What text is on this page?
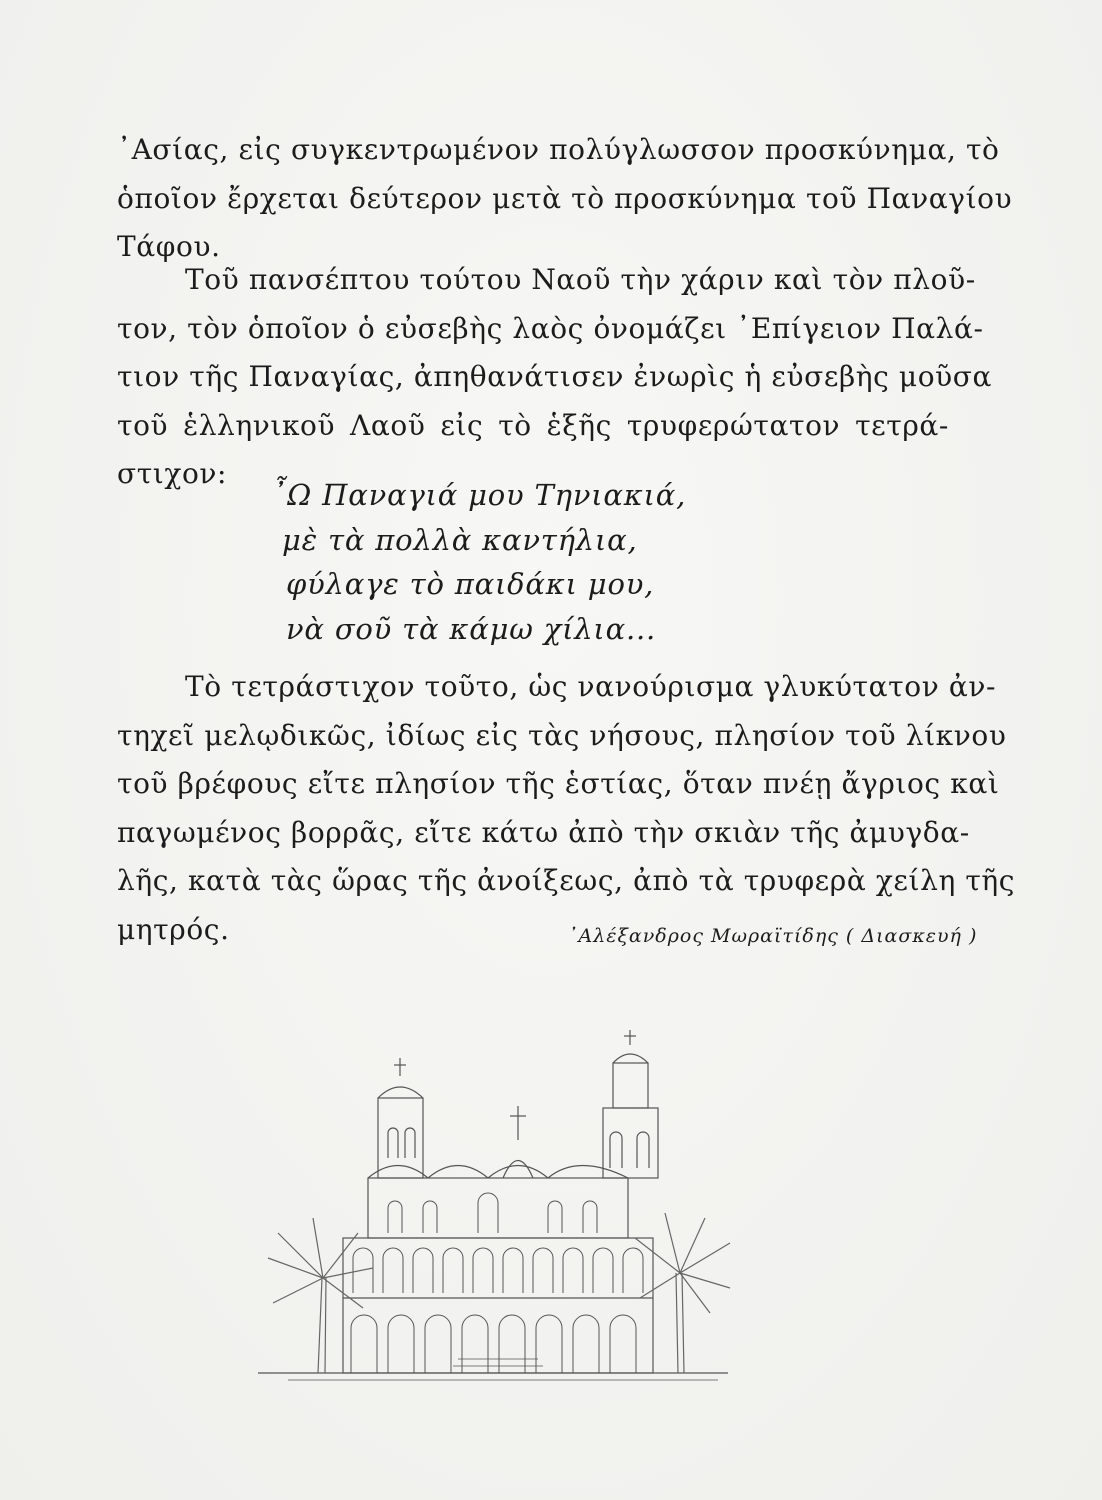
᾿Ασίας, εἰς συγκεντρωμένον πολύγλωσσον προσκύνημα, τὸ
ὁποῖον ἔρχεται δεύτερον μετὰ τὸ προσκύνημα τοῦ Παναγίου
Τάφου.
Τοῦ πανσέπτου τούτου Ναοῦ τὴν χάριν καὶ τὸν πλοῦ-
τον, τὸν ὁποῖον ὁ εὐσεβὴς λαὸς ὀνομάζει ᾿Επίγειον Παλά-
τιον τῆς Παναγίας, ἀπηθανάτισεν ἐνωρὶς ἡ εὐσεβὴς μοῦσα
τοῦ ἑλληνικοῦ Λαοῦ εἰς τὸ ἑξῆς τρυφερώτατον τετρά-
στιχον:
῏Ω Παναγιά μου Τηνιακιά,
μὲ τὰ πολλὰ καντήλια,
φύλαγε τὸ παιδάκι μου,
νὰ σοῦ τὰ κάμω χίλια...
Τὸ τετράστιχον τοῦτο, ὡς νανούρισμα γλυκύτατον ἀν-
τηχεῖ μελῳδικῶς, ἰδίως εἰς τὰς νήσους, πλησίον τοῦ λίκνου
τοῦ βρέφους εἴτε πλησίον τῆς ἑστίας, ὅταν πνέῃ ἄγριος καὶ
παγωμένος βορρᾶς, εἴτε κάτω ἀπὸ τὴν σκιὰν τῆς ἀμυγδα-
λῆς, κατὰ τὰς ὥρας τῆς ἀνοίξεως, ἀπὸ τὰ τρυφερὰ χείλη τῆς
μητρός.	᾿Αλέξανδρος Μωραϊτίδης ( Διασκευή )
